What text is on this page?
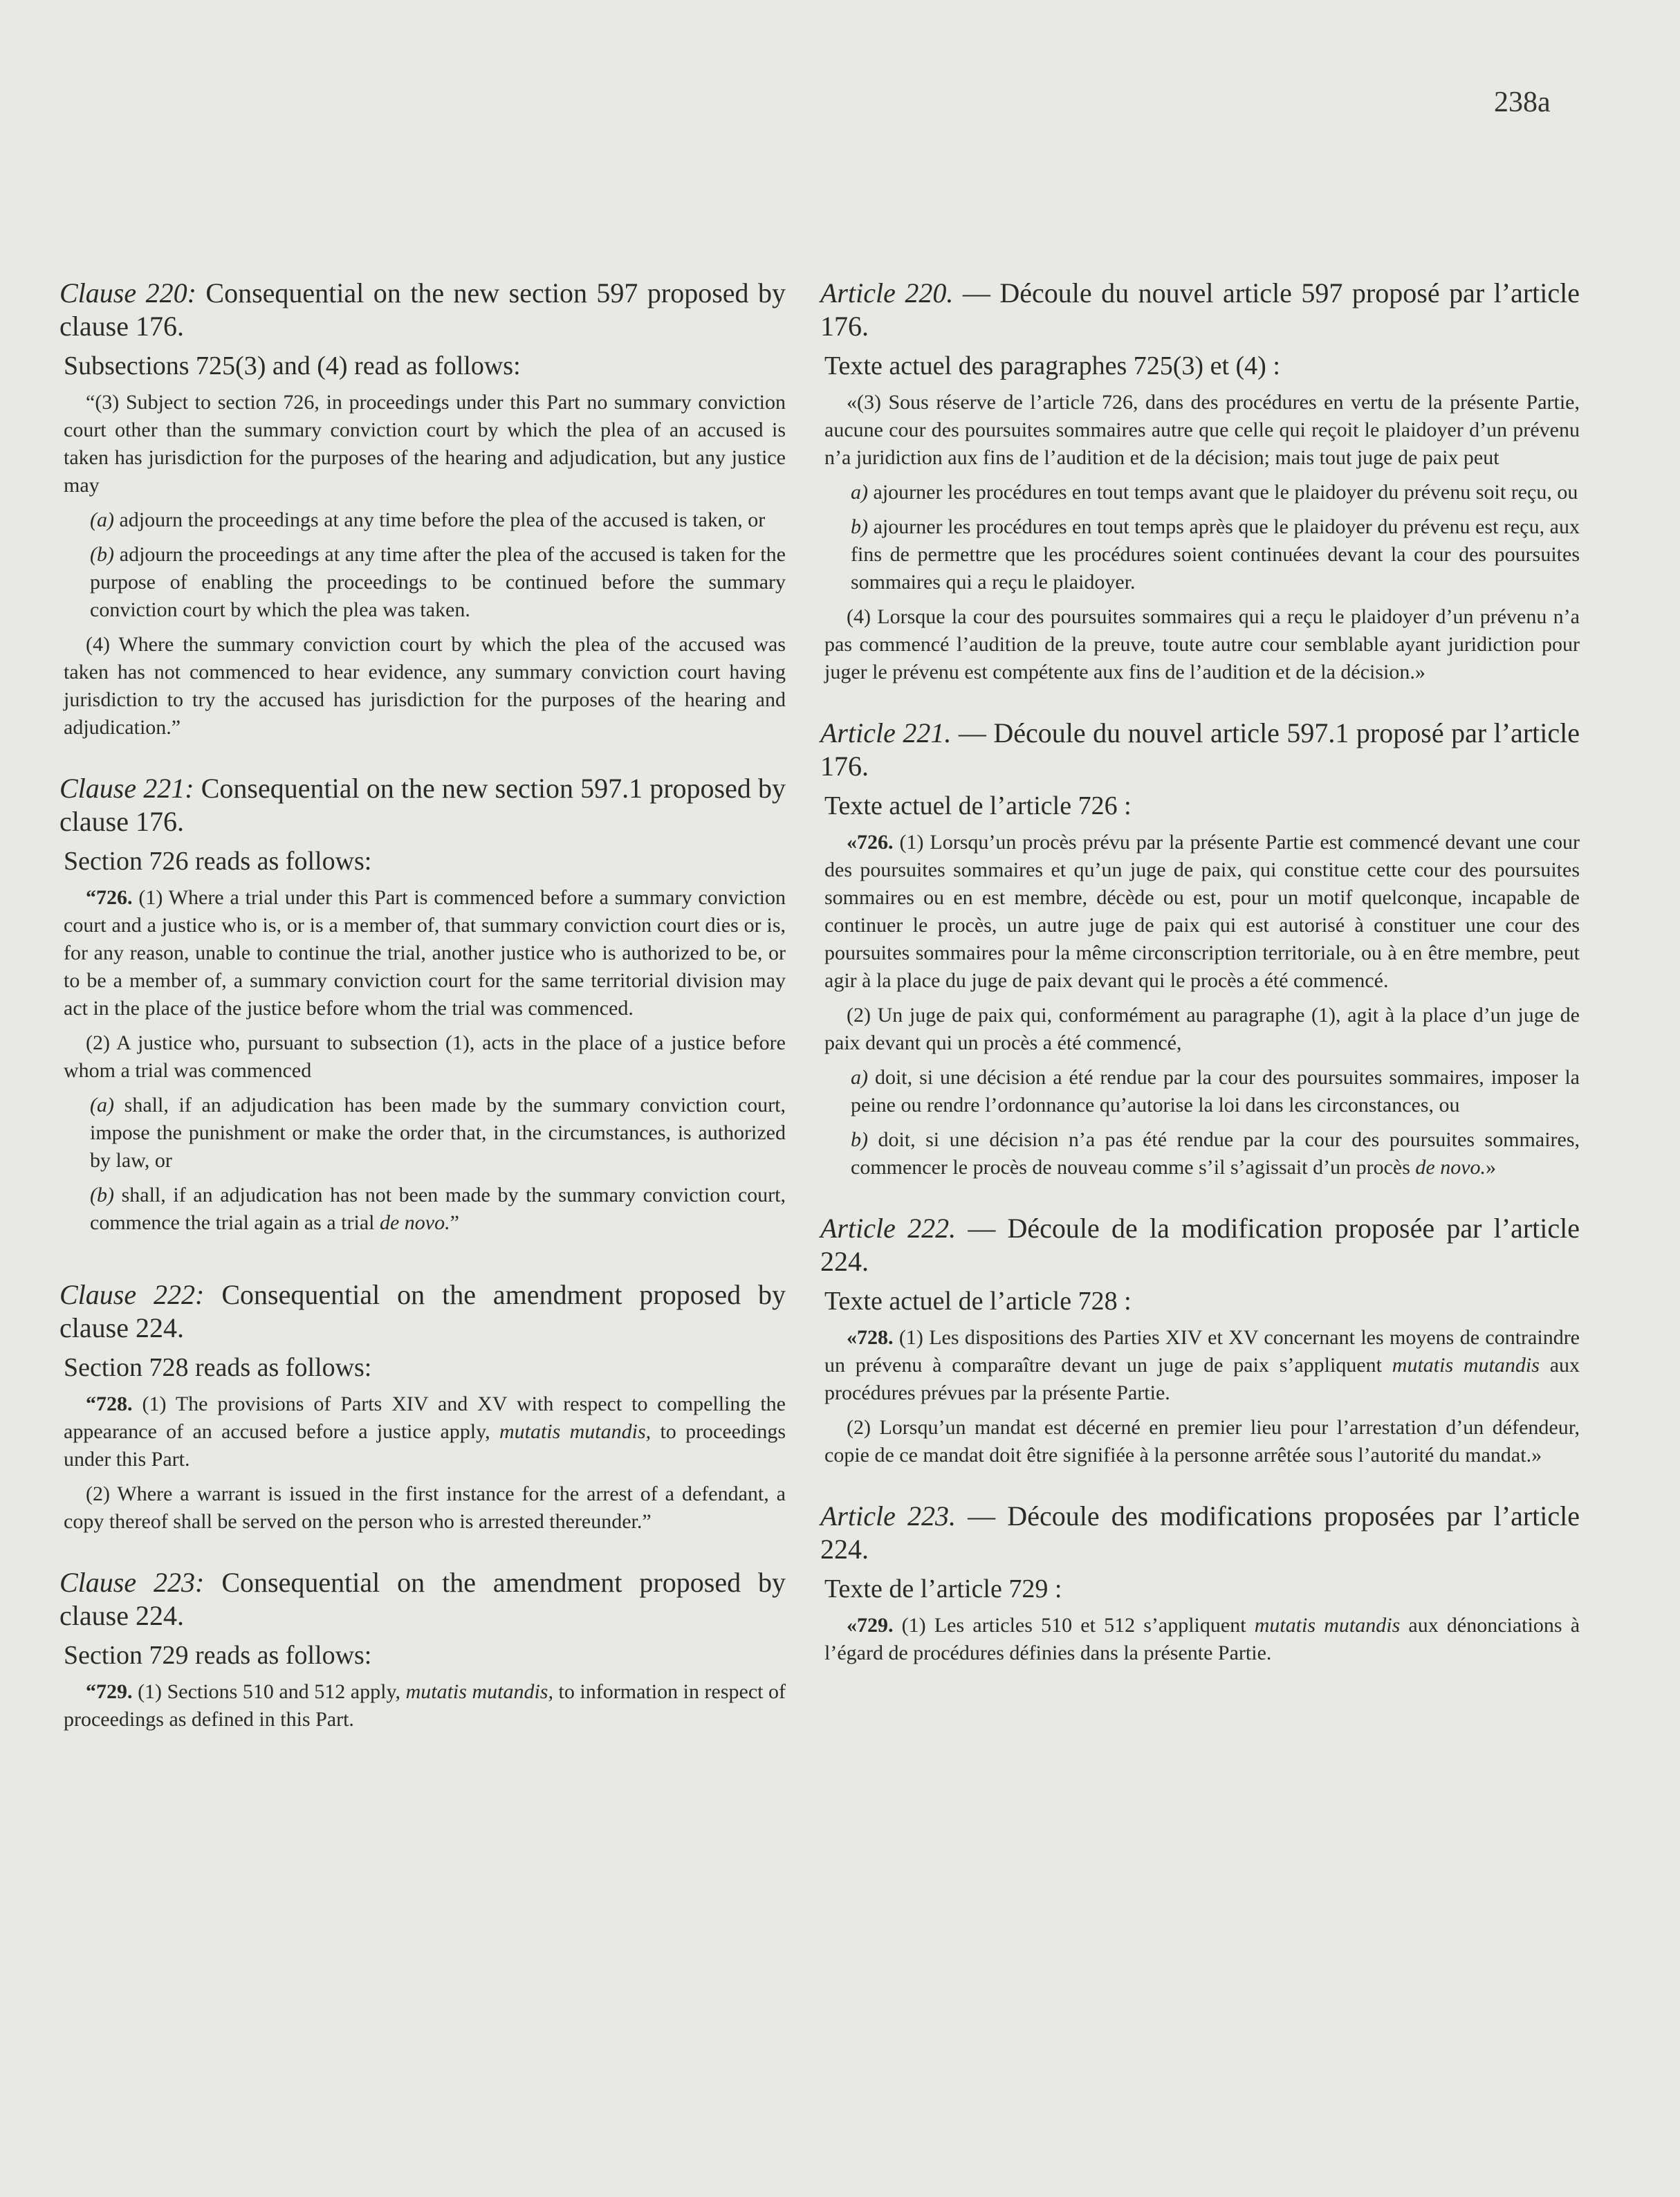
238a

Clause 220: Consequential on the new section 597 proposed by clause 176.

Subsections 725(3) and (4) read as follows:

“(3) Subject to section 726, in proceedings under this Part no summary conviction court other than the summary conviction court by which the plea of an accused is taken has jurisdiction for the purposes of the hearing and adjudication, but any justice may

(a) adjourn the proceedings at any time before the plea of the accused is taken, or

(b) adjourn the proceedings at any time after the plea of the accused is taken for the purpose of enabling the proceedings to be continued before the summary conviction court by which the plea was taken.

(4) Where the summary conviction court by which the plea of the accused was taken has not commenced to hear evidence, any summary conviction court having jurisdiction to try the accused has jurisdiction for the purposes of the hearing and adjudication.”

Clause 221: Consequential on the new section 597.1 proposed by clause 176.

Section 726 reads as follows:

“726. (1) Where a trial under this Part is commenced before a summary conviction court and a justice who is, or is a member of, that summary conviction court dies or is, for any reason, unable to continue the trial, another justice who is authorized to be, or to be a member of, a summary conviction court for the same territorial division may act in the place of the justice before whom the trial was commenced.

(2) A justice who, pursuant to subsection (1), acts in the place of a justice before whom a trial was commenced

(a) shall, if an adjudication has been made by the summary conviction court, impose the punishment or make the order that, in the circumstances, is authorized by law, or

(b) shall, if an adjudication has not been made by the summary conviction court, commence the trial again as a trial de novo.”

Clause 222: Consequential on the amendment proposed by clause 224.

Section 728 reads as follows:

“728. (1) The provisions of Parts XIV and XV with respect to compelling the appearance of an accused before a justice apply, mutatis mutandis, to proceedings under this Part.

(2) Where a warrant is issued in the first instance for the arrest of a defendant, a copy thereof shall be served on the person who is arrested thereunder.”

Clause 223: Consequential on the amendment proposed by clause 224.

Section 729 reads as follows:

“729. (1) Sections 510 and 512 apply, mutatis mutandis, to information in respect of proceedings as defined in this Part.

Article 220. — Découle du nouvel article 597 proposé par l’article 176.

Texte actuel des paragraphes 725(3) et (4) :

«(3) Sous réserve de l’article 726, dans des procédures en vertu de la présente Partie, aucune cour des poursuites sommaires autre que celle qui reçoit le plaidoyer d’un prévenu n’a juridiction aux fins de l’audition et de la décision; mais tout juge de paix peut

a) ajourner les procédures en tout temps avant que le plaidoyer du prévenu soit reçu, ou

b) ajourner les procédures en tout temps après que le plaidoyer du prévenu est reçu, aux fins de permettre que les procédures soient continuées devant la cour des poursuites sommaires qui a reçu le plaidoyer.

(4) Lorsque la cour des poursuites sommaires qui a reçu le plaidoyer d’un prévenu n’a pas commencé l’audition de la preuve, toute autre cour semblable ayant juridiction pour juger le prévenu est compétente aux fins de l’audition et de la décision.»

Article 221. — Découle du nouvel article 597.1 proposé par l’article 176.

Texte actuel de l’article 726 :

«726. (1) Lorsqu’un procès prévu par la présente Partie est commencé devant une cour des poursuites sommaires et qu’un juge de paix, qui constitue cette cour des poursuites sommaires ou en est membre, décède ou est, pour un motif quelconque, incapable de continuer le procès, un autre juge de paix qui est autorisé à constituer une cour des poursuites sommaires pour la même circonscription territoriale, ou à en être membre, peut agir à la place du juge de paix devant qui le procès a été commencé.

(2) Un juge de paix qui, conformément au paragraphe (1), agit à la place d’un juge de paix devant qui un procès a été commencé,

a) doit, si une décision a été rendue par la cour des poursuites sommaires, imposer la peine ou rendre l’ordonnance qu’autorise la loi dans les circonstances, ou

b) doit, si une décision n’a pas été rendue par la cour des poursuites sommaires, commencer le procès de nouveau comme s’il s’agissait d’un procès de novo.»

Article 222. — Découle de la modification proposée par l’article 224.

Texte actuel de l’article 728 :

«728. (1) Les dispositions des Parties XIV et XV concernant les moyens de contraindre un prévenu à comparaître devant un juge de paix s’appliquent mutatis mutandis aux procédures prévues par la présente Partie.

(2) Lorsqu’un mandat est décerné en premier lieu pour l’arrestation d’un défendeur, copie de ce mandat doit être signifiée à la personne arrêtée sous l’autorité du mandat.»

Article 223. — Découle des modifications proposées par l’article 224.

Texte de l’article 729 :

«729. (1) Les articles 510 et 512 s’appliquent mutatis mutandis aux dénonciations à l’égard de procédures définies dans la présente Partie.
